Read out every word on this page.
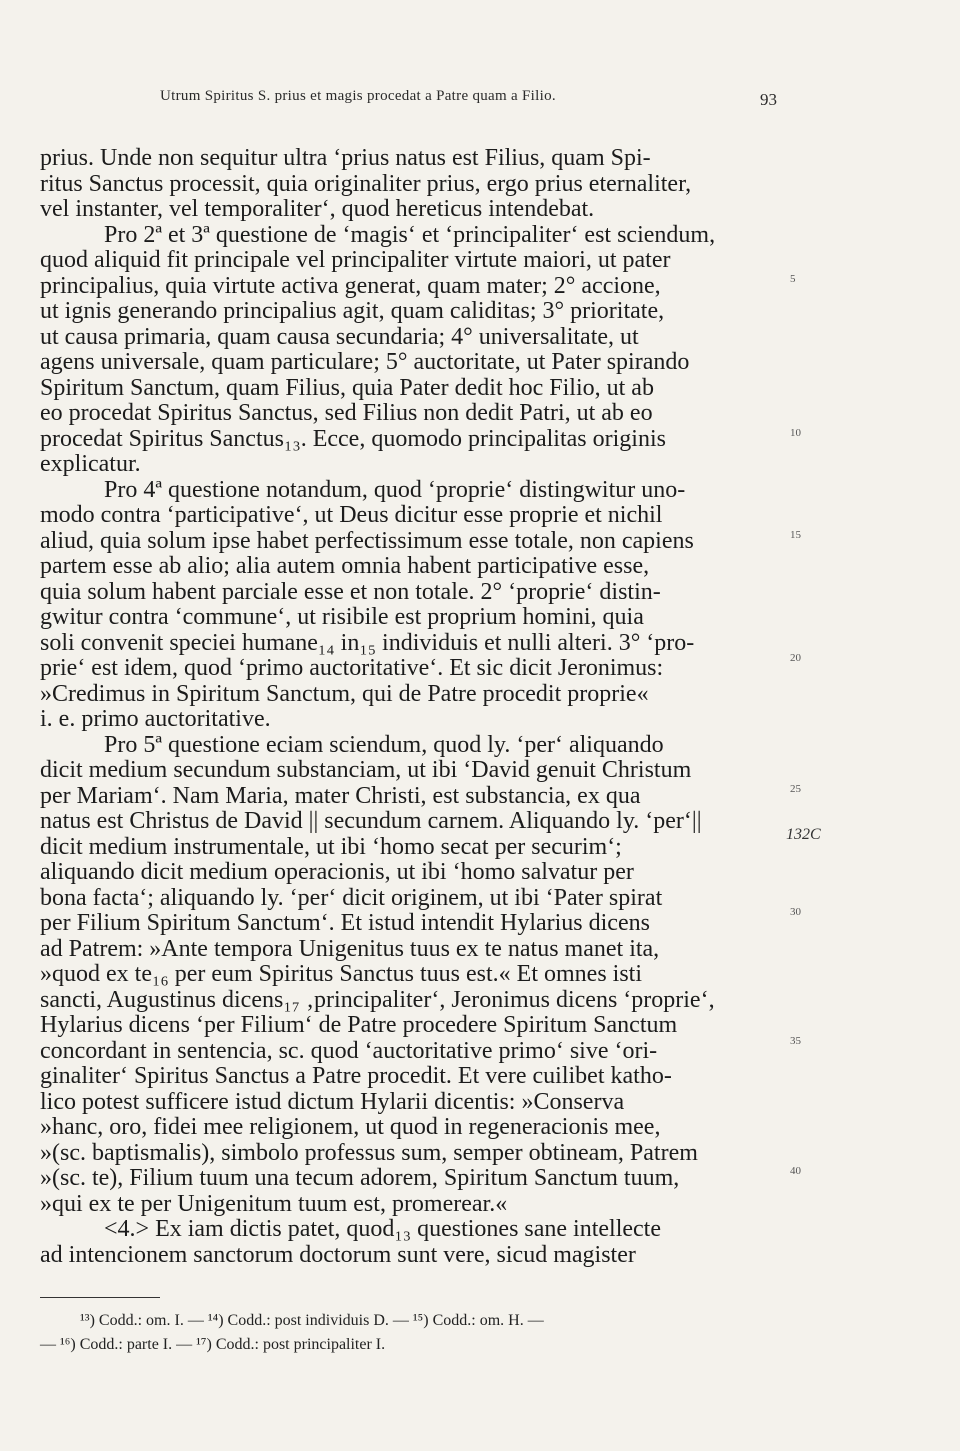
Utrum Spiritus S. prius et magis procedat a Patre quam a Filio.	93
prius. Unde non sequitur ultra ‘prius natus est Filius, quam Spi-
ritus Sanctus processit, quia originaliter prius, ergo prius eternaliter,
vel instanter, vel temporaliter‘, quod hereticus intendebat.
Pro 2ª et 3ª questione de ‘magis‘ et ‘principaliter‘ est sciendum,
quod aliquid fit principale vel principaliter virtute maiori, ut pater
principalius, quia virtute activa generat, quam mater; 2° accione,
ut ignis generando principalius agit, quam caliditas; 3° prioritate,
ut causa primaria, quam causa secundaria; 4° universalitate, ut
agens universale, quam particulare; 5° auctoritate, ut Pater spirando
Spiritum Sanctum, quam Filius, quia Pater dedit hoc Filio, ut ab
eo procedat Spiritus Sanctus, sed Filius non dedit Patri, ut ab eo
procedat Spiritus Sanctus₁₃. Ecce, quomodo principalitas originis
explicatur.
Pro 4ª questione notandum, quod ‘proprie‘ distingwitur uno-
modo contra ‘participative‘, ut Deus dicitur esse proprie et nichil
aliud, quia solum ipse habet perfectissimum esse totale, non capiens
partem esse ab alio; alia autem omnia habent participative esse,
quia solum habent parciale esse et non totale. 2° ‘proprie‘ distin-
gwitur contra ‘commune‘, ut risibile est proprium homini, quia
soli convenit speciei humane₁₄ in₁₅ individuis et nulli alteri. 3° ‘pro-
prie‘ est idem, quod ‘primo auctoritative‘. Et sic dicit Jeronimus:
»Credimus in Spiritum Sanctum, qui de Patre procedit proprie«
i. e. primo auctoritative.
Pro 5ª questione eciam sciendum, quod ly. ‘per‘ aliquando
dicit medium secundum substanciam, ut ibi ‘David genuit Christum
per Mariam‘. Nam Maria, mater Christi, est substancia, ex qua
natus est Christus de David || secundum carnem. Aliquando ly. ‘per‘||
dicit medium instrumentale, ut ibi ‘homo secat per securim‘;
aliquando dicit medium operacionis, ut ibi ‘homo salvatur per
bona facta‘; aliquando ly. ‘per‘ dicit originem, ut ibi ‘Pater spirat
per Filium Spiritum Sanctum‘. Et istud intendit Hylarius dicens
ad Patrem: »Ante tempora Unigenitus tuus ex te natus manet ita,
»quod ex te₁₆ per eum Spiritus Sanctus tuus est.« Et omnes isti
sancti, Augustinus dicens₁₇ ‚principaliter‘, Jeronimus dicens ‘proprie‘,
Hylarius dicens ‘per Filium‘ de Patre procedere Spiritum Sanctum
concordant in sentencia, sc. quod ‘auctoritative primo‘ sive ‘ori-
ginaliter‘ Spiritus Sanctus a Patre procedit. Et vere cuilibet katho-
lico potest sufficere istud dictum Hylarii dicentis: »Conserva
»hanc, oro, fidei mee religionem, ut quod in regeneracionis mee,
»(sc. baptismalis), simbolo professus sum, semper obtineam, Patrem
»(sc. te), Filium tuum una tecum adorem, Spiritum Sanctum tuum,
»qui ex te per Unigenitum tuum est, promerear.«
<4.> Ex iam dictis patet, quod₁₃ questiones sane intellecte
ad intencionem sanctorum doctorum sunt vere, sicud magister
5
10
15
20
25
132C
30
35
40
¹³) Codd.: om. I. — ¹⁴) Codd.: post individuis D. — ¹⁵) Codd.: om. H. —
— ¹⁶) Codd.: parte I. — ¹⁷) Codd.: post principaliter I.
